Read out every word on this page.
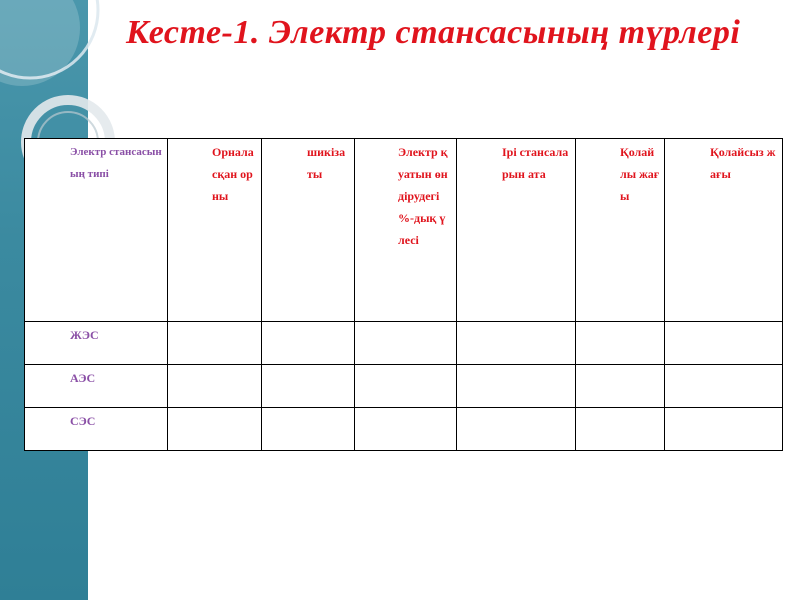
Кесте-1. Электр стансасының түрлері
Электр стансасының типі	Орналасқан орны	шикізаты	Электр қуатын өндірудегі %-дық үлесі	Ірі стансаларын ата	Қолайлы жағы	Қолайсыз жағы
ЖЭС						
АЭС						
СЭС						
